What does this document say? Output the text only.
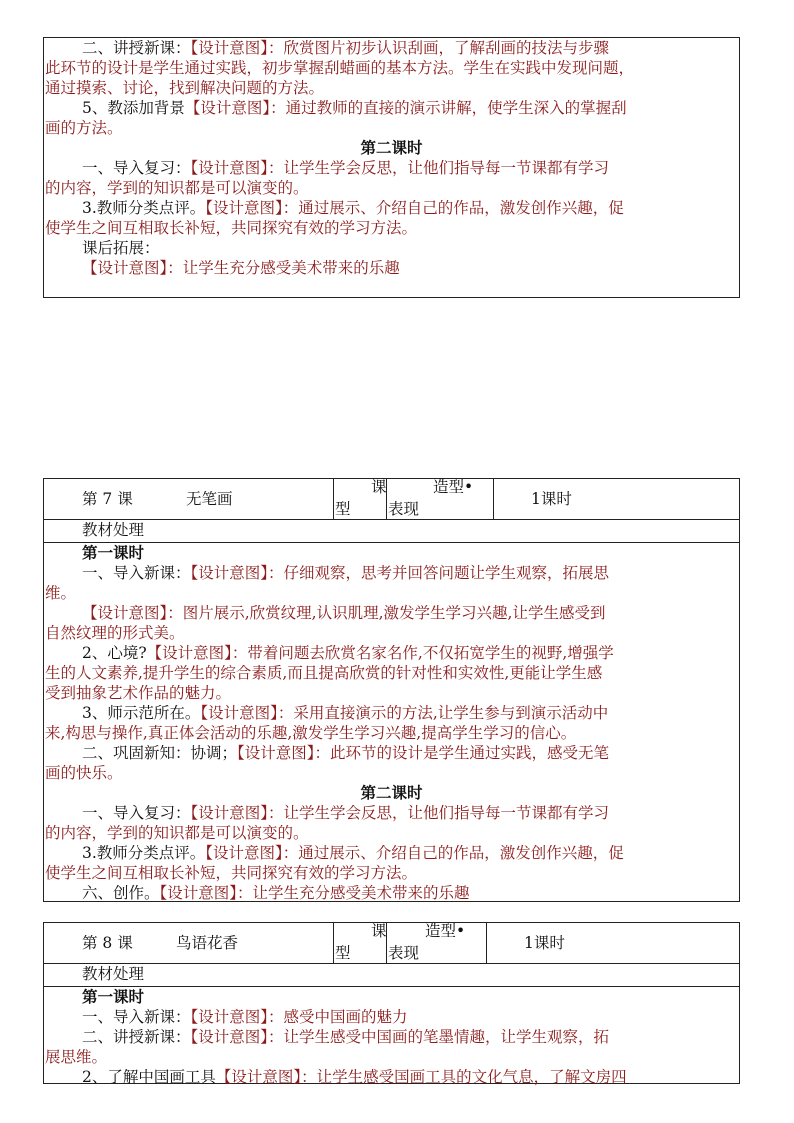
二、讲授新课：【设计意图】：欣赏图片初步认识刮画，了解刮画的技法与步骤
此环节的设计是学生通过实践，初步掌握刮蜡画的基本方法。学生在实践中发现问题，
通过摸索、讨论，找到解决问题的方法。
5、教添加背景【设计意图】：通过教师的直接的演示讲解，使学生深入的掌握刮
画的方法。
第二课时
一、导入复习：【设计意图】：让学生学会反思，让他们指导每一节课都有学习
的内容，学到的知识都是可以演变的。
3.教师分类点评。【设计意图】：通过展示、介绍自己的作品，激发创作兴趣，促
使学生之间互相取长补短，共同探究有效的学习方法。
课后拓展：
【设计意图】：让学生充分感受美术带来的乐趣
第 7 课	无笔画
课
型
造型•
表现
1课时
教材处理
第一课时
一、导入新课：【设计意图】：仔细观察，思考并回答问题让学生观察，拓展思
维。
【设计意图】：图片展示,欣赏纹理,认识肌理,激发学生学习兴趣,让学生感受到
自然纹理的形式美。
2、心境?【设计意图】：带着问题去欣赏名家名作,不仅拓宽学生的视野,增强学
生的人文素养,提升学生的综合素质,而且提高欣赏的针对性和实效性,更能让学生感
受到抽象艺术作品的魅力。
3、师示范所在。【设计意图】：采用直接演示的方法,让学生参与到演示活动中
来,构思与操作,真正体会活动的乐趣,激发学生学习兴趣,提高学生学习的信心。
二、巩固新知：协调；【设计意图】：此环节的设计是学生通过实践，感受无笔
画的快乐。
第二课时
一、导入复习：【设计意图】：让学生学会反思，让他们指导每一节课都有学习
的内容，学到的知识都是可以演变的。
3.教师分类点评。【设计意图】：通过展示、介绍自己的作品，激发创作兴趣，促
使学生之间互相取长补短，共同探究有效的学习方法。
六、创作。【设计意图】：让学生充分感受美术带来的乐趣
第 8 课	鸟语花香
课
型
造型•
表现
1课时
教材处理
第一课时
一、导入新课：【设计意图】：感受中国画的魅力
二、讲授新课：【设计意图】：让学生感受中国画的笔墨情趣，让学生观察，拓
展思维。
2、了解中国画工具【设计意图】：让学生感受国画工具的文化气息，了解文房四
